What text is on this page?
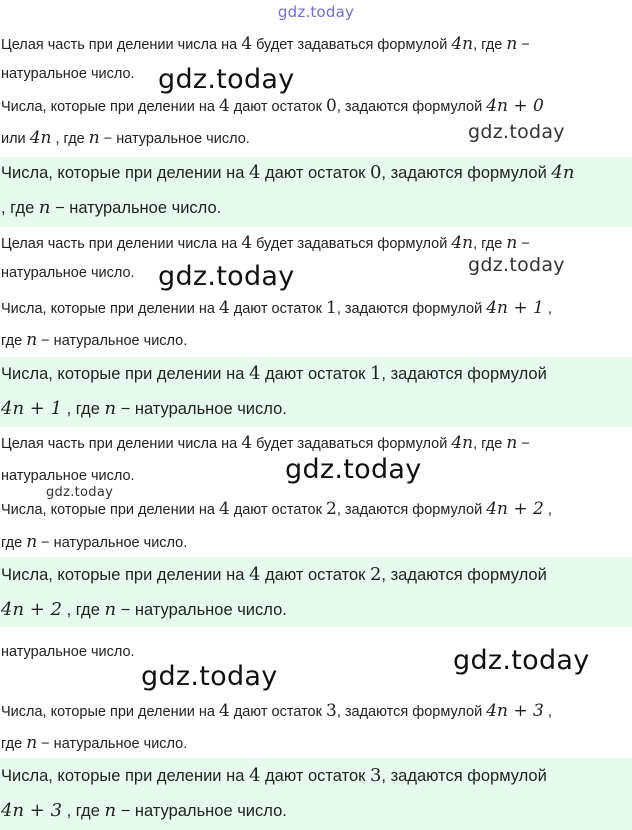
gdz.today
Целая часть при делении числа на 4 будет задаваться формулой 4n, где n −
натуральное число.
Числа, которые при делении на 4 дают остаток 0, задаются формулой 4n + 0
или 4n , где n − натуральное число.
Числа, которые при делении на 4 дают остаток 0, задаются формулой 4n
, где n − натуральное число.
Целая часть при делении числа на 4 будет задаваться формулой 4n, где n −
натуральное число.
Числа, которые при делении на 4 дают остаток 1, задаются формулой 4n + 1 ,
где n − натуральное число.
Числа, которые при делении на 4 дают остаток 1, задаются формулой
4n + 1 , где n − натуральное число.
Целая часть при делении числа на 4 будет задаваться формулой 4n, где n −
натуральное число.
Числа, которые при делении на 4 дают остаток 2, задаются формулой 4n + 2 ,
где n − натуральное число.
Числа, которые при делении на 4 дают остаток 2, задаются формулой
4n + 2 , где n − натуральное число.
натуральное число.
Числа, которые при делении на 4 дают остаток 3, задаются формулой 4n + 3 ,
где n − натуральное число.
Числа, которые при делении на 4 дают остаток 3, задаются формулой
4n + 3 , где n − натуральное число.
gdz.today
gdz.today
gdz.today
gdz.today
gdz.today
gdz.today
gdz.today
gdz.today
